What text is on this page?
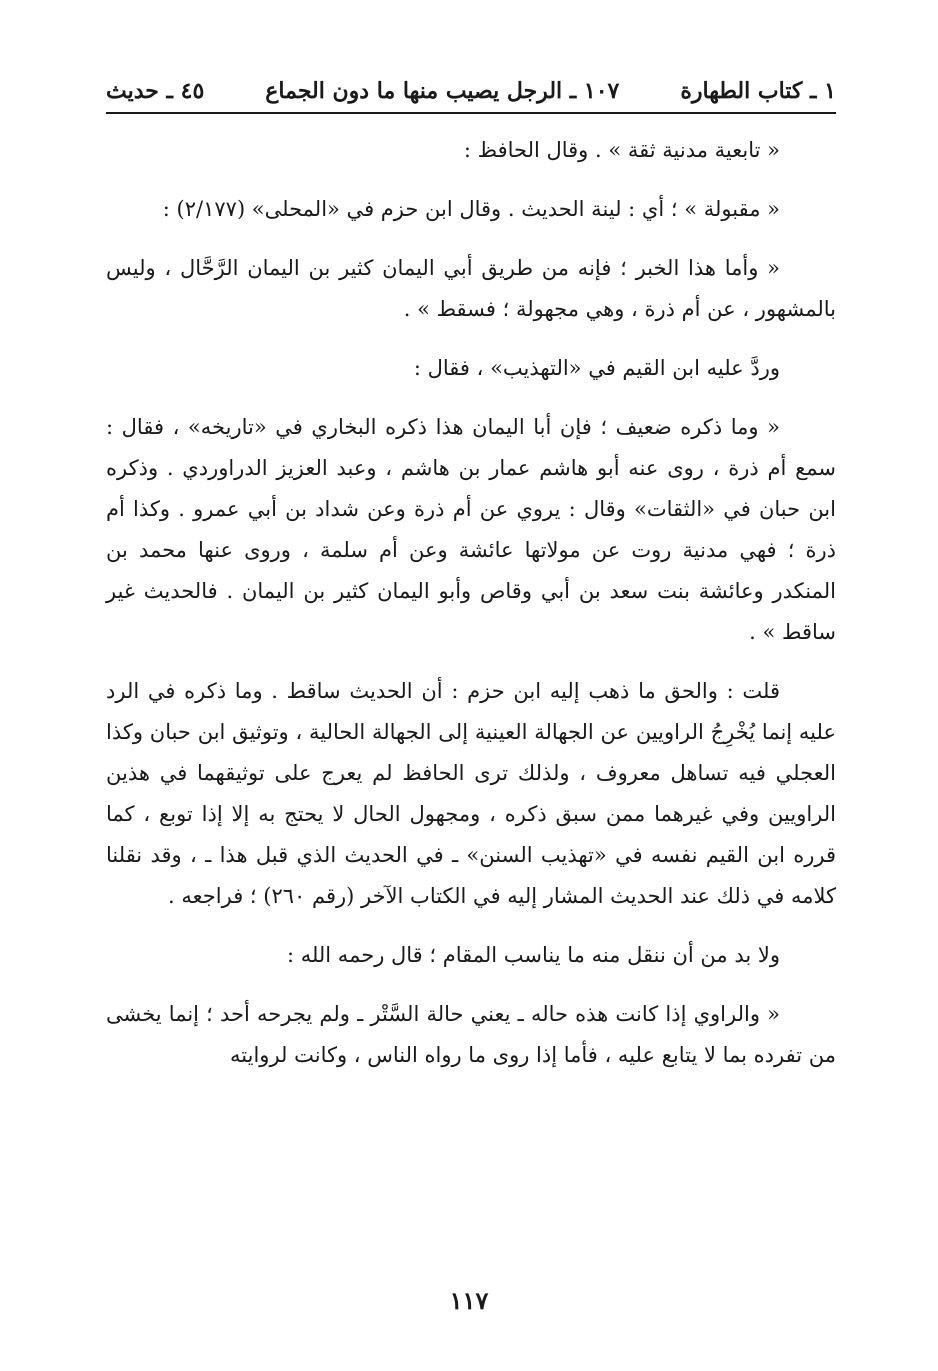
١ ـ كتاب الطهارة
١٠٧ ـ الرجل يصيب منها ما دون الجماع
٤٥ ـ حديث

« تابعية مدنية ثقة » . وقال الحافظ :

« مقبولة » ؛ أي : لينة الحديث . وقال ابن حزم في «المحلى» (٢/١٧٧) :

« وأما هذا الخبر ؛ فإنه من طريق أبي اليمان كثير بن اليمان الرَّحَّال ، وليس بالمشهور ، عن أم ذرة ، وهي مجهولة ؛ فسقط » .

وردَّ عليه ابن القيم في «التهذيب» ، فقال :

« وما ذكره ضعيف ؛ فإن أبا اليمان هذا ذكره البخاري في «تاريخه» ، فقال : سمع أم ذرة ، روى عنه أبو هاشم عمار بن هاشم ، وعبد العزيز الدراوردي . وذكره ابن حبان في «الثقات» وقال : يروي عن أم ذرة وعن شداد بن أبي عمرو . وكذا أم ذرة ؛ فهي مدنية روت عن مولاتها عائشة وعن أم سلمة ، وروى عنها محمد بن المنكدر وعائشة بنت سعد بن أبي وقاص وأبو اليمان كثير بن اليمان . فالحديث غير ساقط » .

قلت : والحق ما ذهب إليه ابن حزم : أن الحديث ساقط . وما ذكره في الرد عليه إنما يُخْرِجُ الراويين عن الجهالة العينية إلى الجهالة الحالية ، وتوثيق ابن حبان وكذا العجلي فيه تساهل معروف ، ولذلك ترى الحافظ لم يعرج على توثيقهما في هذين الراويين وفي غيرهما ممن سبق ذكره ، ومجهول الحال لا يحتج به إلا إذا توبع ، كما قرره ابن القيم نفسه في «تهذيب السنن» ـ في الحديث الذي قبل هذا ـ ، وقد نقلنا كلامه في ذلك عند الحديث المشار إليه في الكتاب الآخر (رقم ٢٦٠) ؛ فراجعه .

ولا بد من أن ننقل منه ما يناسب المقام ؛ قال رحمه الله :

« والراوي إذا كانت هذه حاله ـ يعني حالة السَّتْر ـ ولم يجرحه أحد ؛ إنما يخشى من تفرده بما لا يتابع عليه ، فأما إذا روى ما رواه الناس ، وكانت لروايته

١١٧
